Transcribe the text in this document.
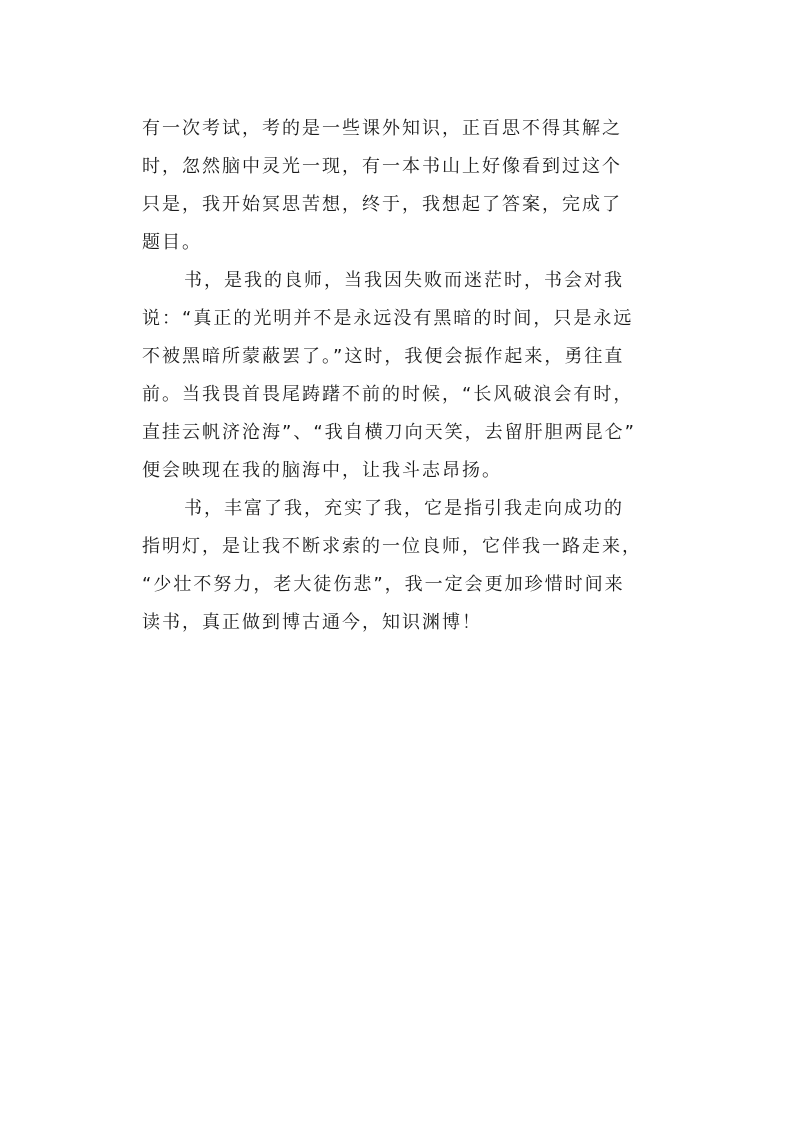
有一次考试，考的是一些课外知识，正百思不得其解之
时，忽然脑中灵光一现，有一本书山上好像看到过这个
只是，我开始冥思苦想，终于，我想起了答案，完成了
题目。
书，是我的良师，当我因失败而迷茫时，书会对我
说：“真正的光明并不是永远没有黑暗的时间，只是永远
不被黑暗所蒙蔽罢了。”这时，我便会振作起来，勇往直
前。当我畏首畏尾踌躇不前的时候，“长风破浪会有时，
直挂云帆济沧海”、“我自横刀向天笑，去留肝胆两昆仑”
便会映现在我的脑海中，让我斗志昂扬。
书，丰富了我，充实了我，它是指引我走向成功的
指明灯，是让我不断求索的一位良师，它伴我一路走来，
“少壮不努力，老大徒伤悲”，我一定会更加珍惜时间来
读书，真正做到博古通今，知识渊博！
